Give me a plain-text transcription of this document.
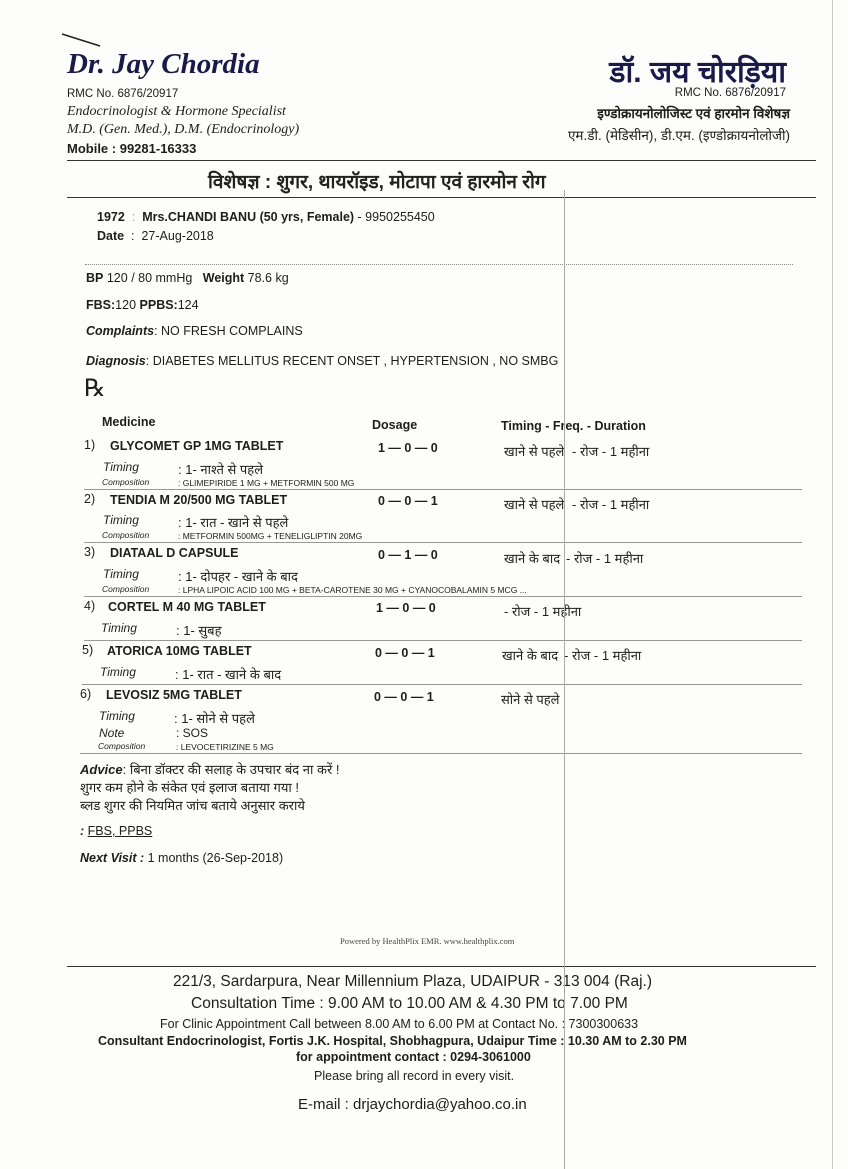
Dr. Jay Chordia
RMC No. 6876/20917
Endocrinologist & Hormone Specialist
M.D. (Gen. Med.), D.M. (Endocrinology)
Mobile : 99281-16333
डॉ. जय चोरड़िया
RMC No. 6876/20917
इण्डोक्रायनोलोजिस्ट एवं हारमोन विशेषज्ञ
एम.डी. (मेडिसीन), डी.एम. (इण्डोक्रायनोलोजी)
विशेषज्ञ : शुगर, थायरॉइड, मोटापा एवं हारमोन रोग
1972  :  Mrs.CHANDI BANU (50 yrs, Female) - 9950255450
Date  :  27-Aug-2018
BP 120 / 80 mmHg Weight 78.6 kg
FBS:120 PPBS:124
Complaints: NO FRESH COMPLAINS
Diagnosis: DIABETES MELLITUS RECENT ONSET , HYPERTENSION , NO SMBG
℞
Medicine	Dosage	Timing - Freq. - Duration
1) GLYCOMET GP 1MG TABLET	1 — 0 — 0	खाने से पहले - रोज - 1 महीना
Timing	: 1- नाश्ते से पहले
Composition	: GLIMEPIRIDE 1 MG + METFORMIN 500 MG
2) TENDIA M 20/500 MG TABLET	0 — 0 — 1	खाने से पहले - रोज - 1 महीना
Timing	: 1- रात - खाने से पहले
Composition	: METFORMIN 500MG + TENELIGLIPTIN 20MG
3) DIATAAL D CAPSULE	0 — 1 — 0	खाने के बाद - रोज - 1 महीना
Timing	: 1- दोपहर - खाने के बाद
Composition	: LPHA LIPOIC ACID 100 MG + BETA-CAROTENE 30 MG + CYANOCOBALAMIN 5 MCG ...
4) CORTEL M 40 MG TABLET	1 — 0 — 0	- रोज - 1 महीना
Timing	: 1- सुबह
5) ATORICA 10MG TABLET	0 — 0 — 1	खाने के बाद - रोज - 1 महीना
Timing	: 1- रात - खाने के बाद
6) LEVOSIZ 5MG TABLET	0 — 0 — 1	सोने से पहले
Timing	: 1- सोने से पहले
Note	: SOS
Composition	: LEVOCETIRIZINE 5 MG
Advice: बिना डॉक्टर की सलाह के उपचार बंद ना करें !
शुगर कम होने के संकेत एवं इलाज बताया गया !
ब्लड शुगर की नियमित जांच बताये अनुसार कराये
: FBS, PPBS
Next Visit : 1 months (26-Sep-2018)
Powered by HealthPlix EMR. www.healthplix.com
221/3, Sardarpura, Near Millennium Plaza, UDAIPUR - 313 004 (Raj.)
Consultation Time : 9.00 AM to 10.00 AM & 4.30 PM to 7.00 PM
For Clinic Appointment Call between 8.00 AM to 6.00 PM at Contact No. : 7300300633
Consultant Endocrinologist, Fortis J.K. Hospital, Shobhagpura, Udaipur Time : 10.30 AM to 2.30 PM
for appointment contact : 0294-3061000
Please bring all record in every visit.
E-mail : drjaychordia@yahoo.co.in
